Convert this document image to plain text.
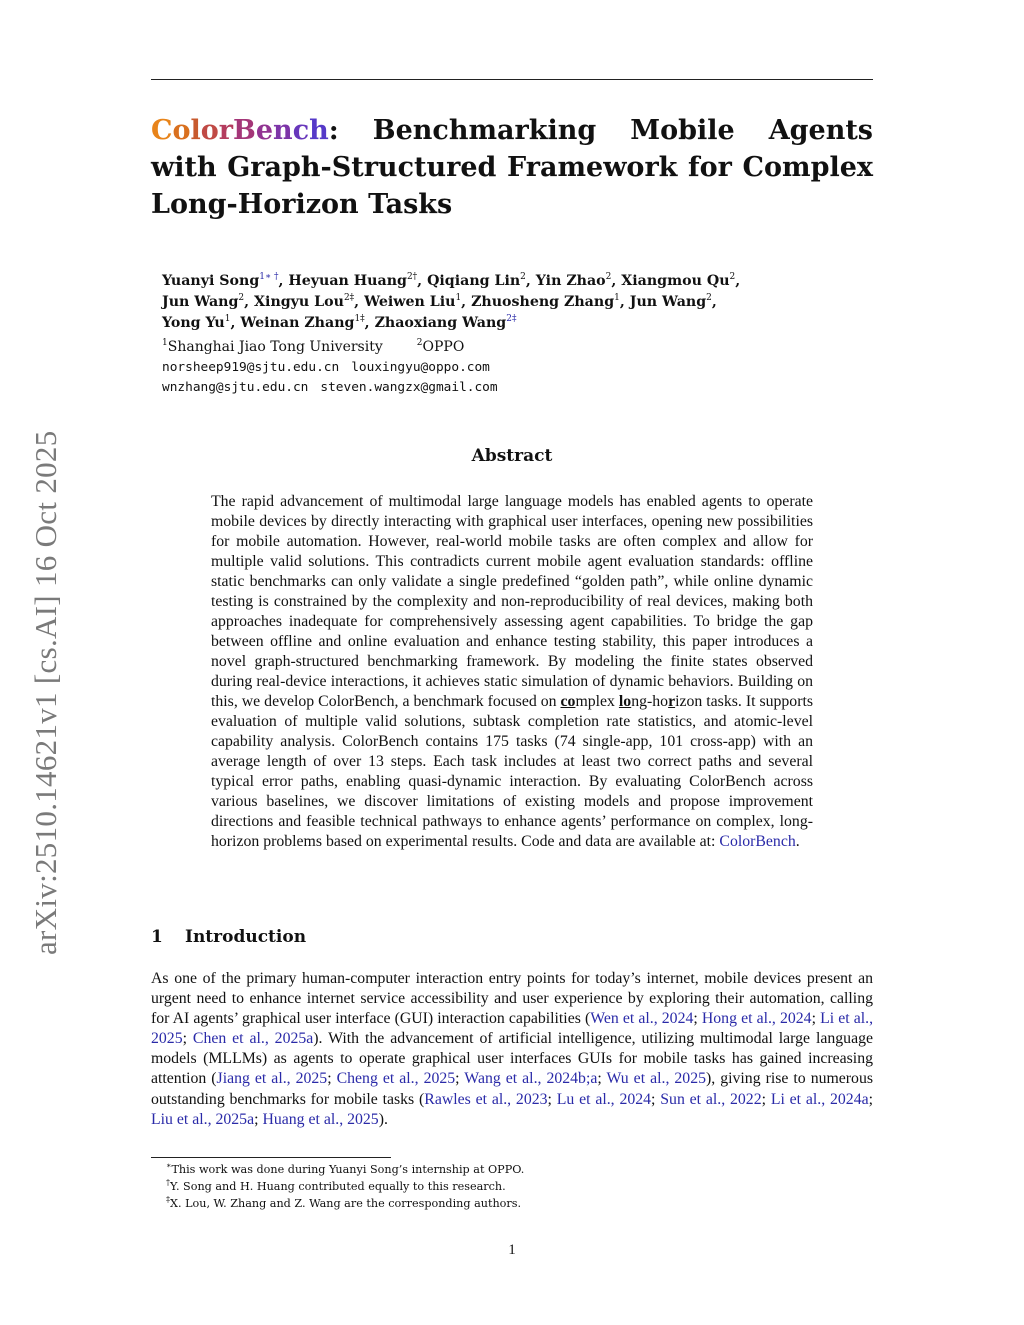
arXiv:2510.14621v1 [cs.AI] 16 Oct 2025
ColorBench: Benchmarking Mobile Agents with Graph-Structured Framework for Complex Long-Horizon Tasks
Yuanyi Song$^{1∗ \dagger}$, Heyuan Huang$^{2\dagger}$, Qiqiang Lin$^2$, Yin Zhao$^2$, Xiangmou Qu$^2$,
Jun Wang$^2$, Xingyu Lou$^{2\ddagger}$, Weiwen Liu$^1$, Zhuosheng Zhang$^1$, Jun Wang$^2$,
Yong Yu$^1$, Weinan Zhang$^{1\ddagger}$, Zhaoxiang Wang$^{2\ddagger}$
$^1$Shanghai Jiao Tong University	$^2$OPPO
norsheep919@sjtu.edu.cn louxingyu@oppo.com
wnzhang@sjtu.edu.cn steven.wangzx@gmail.com
Abstract
The rapid advancement of multimodal large language models has enabled agents to operate mobile devices by directly interacting with graphical user interfaces, opening new possibilities for mobile automation. However, real-world mobile tasks are often complex and allow for multiple valid solutions. This contradicts current mobile agent evaluation standards: offline static benchmarks can only validate a single predefined “golden path”, while online dynamic testing is constrained by the complexity and non-reproducibility of real devices, making both approaches inadequate for comprehensively assessing agent capabilities. To bridge the gap between offline and online evaluation and enhance testing stability, this paper introduces a novel graph-structured benchmarking framework. By modeling the finite states observed during real-device interactions, it achieves static simulation of dynamic behaviors. Building on this, we develop ColorBench, a benchmark focused on complex long-horizon tasks. It supports evaluation of multiple valid solutions, subtask completion rate statistics, and atomic-level capability analysis. ColorBench contains 175 tasks (74 single-app, 101 cross-app) with an average length of over 13 steps. Each task includes at least two correct paths and several typical error paths, enabling quasi-dynamic interaction. By evaluating ColorBench across various baselines, we discover limitations of existing models and propose improvement directions and feasible technical pathways to enhance agents’ performance on complex, long-horizon problems based on experimental results. Code and data are available at: ColorBench.
1 Introduction
As one of the primary human-computer interaction entry points for today’s internet, mobile devices present an urgent need to enhance internet service accessibility and user experience by exploring their automation, calling for AI agents’ graphical user interface (GUI) interaction capabilities (Wen et al., 2024; Hong et al., 2024; Li et al., 2025; Chen et al., 2025a). With the advancement of artificial intelligence, utilizing multimodal large language models (MLLMs) as agents to operate graphical user interfaces GUIs for mobile tasks has gained increasing attention (Jiang et al., 2025; Cheng et al., 2025; Wang et al., 2024b;a; Wu et al., 2025), giving rise to numerous outstanding benchmarks for mobile tasks (Rawles et al., 2023; Lu et al., 2024; Sun et al., 2022; Li et al., 2024a; Liu et al., 2025a; Huang et al., 2025).
∗This work was done during Yuanyi Song’s internship at OPPO.
†Y. Song and H. Huang contributed equally to this research.
‡X. Lou, W. Zhang and Z. Wang are the corresponding authors.
1
